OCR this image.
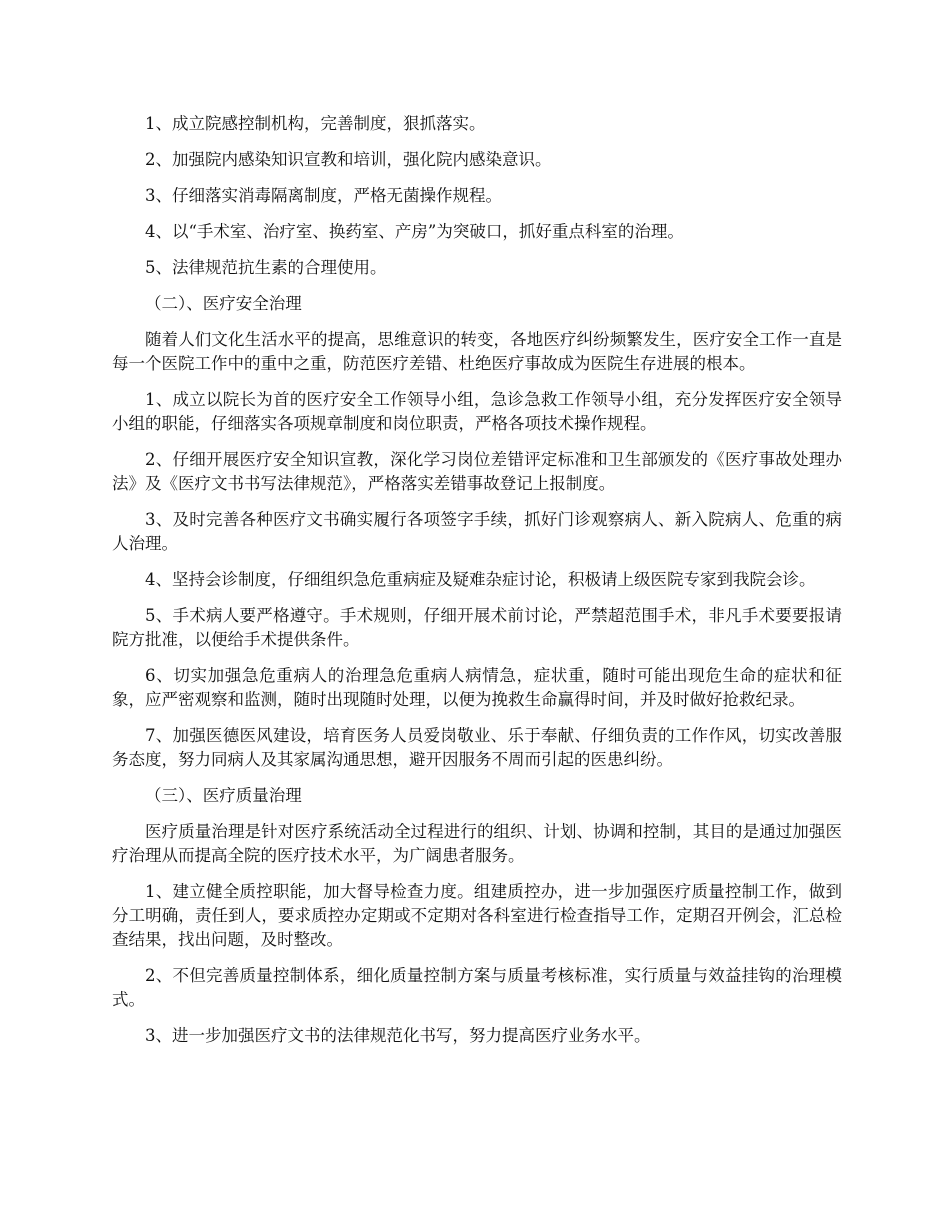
1、成立院感控制机构，完善制度，狠抓落实。

2、加强院内感染知识宣教和培训，强化院内感染意识。

3、仔细落实消毒隔离制度，严格无菌操作规程。

4、以“手术室、治疗室、换药室、产房”为突破口，抓好重点科室的治理。

5、法律规范抗生素的合理使用。

（二）、医疗安全治理

随着人们文化生活水平的提高，思维意识的转变，各地医疗纠纷频繁发生，医疗安全工作一直是每一个医院工作中的重中之重，防范医疗差错、杜绝医疗事故成为医院生存进展的根本。

1、成立以院长为首的医疗安全工作领导小组，急诊急救工作领导小组，充分发挥医疗安全领导小组的职能，仔细落实各项规章制度和岗位职责，严格各项技术操作规程。

2、仔细开展医疗安全知识宣教，深化学习岗位差错评定标准和卫生部颁发的《医疗事故处理办法》及《医疗文书书写法律规范》，严格落实差错事故登记上报制度。

3、及时完善各种医疗文书确实履行各项签字手续，抓好门诊观察病人、新入院病人、危重的病人治理。

4、坚持会诊制度，仔细组织急危重病症及疑难杂症讨论，积极请上级医院专家到我院会诊。

5、手术病人要严格遵守。手术规则，仔细开展术前讨论，严禁超范围手术，非凡手术要要报请院方批准，以便给手术提供条件。

6、切实加强急危重病人的治理急危重病人病情急，症状重，随时可能出现危生命的症状和征象，应严密观察和监测，随时出现随时处理，以便为挽救生命赢得时间，并及时做好抢救纪录。

7、加强医德医风建设，培育医务人员爱岗敬业、乐于奉献、仔细负责的工作作风，切实改善服务态度，努力同病人及其家属沟通思想，避开因服务不周而引起的医患纠纷。

（三）、医疗质量治理

医疗质量治理是针对医疗系统活动全过程进行的组织、计划、协调和控制，其目的是通过加强医疗治理从而提高全院的医疗技术水平，为广阔患者服务。

1、建立健全质控职能，加大督导检查力度。组建质控办，进一步加强医疗质量控制工作，做到分工明确，责任到人，要求质控办定期或不定期对各科室进行检查指导工作，定期召开例会，汇总检查结果，找出问题，及时整改。

2、不但完善质量控制体系，细化质量控制方案与质量考核标准，实行质量与效益挂钩的治理模式。

3、进一步加强医疗文书的法律规范化书写，努力提高医疗业务水平。
